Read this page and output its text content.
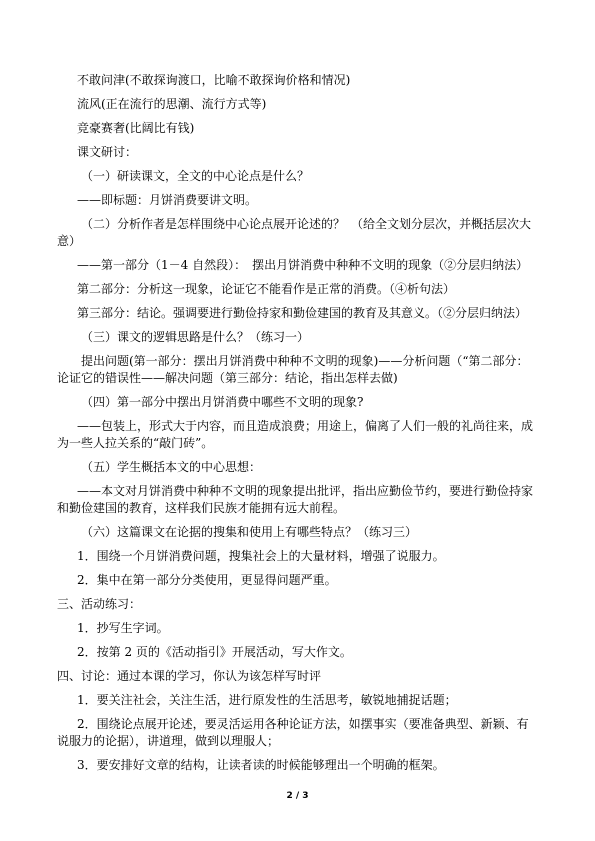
不敢问津(不敢探询渡口，比喻不敢探询价格和情况)

流风(正在流行的思潮、流行方式等)

竞豪赛奢(比阔比有钱)

课文研讨：

（一）研读课文，全文的中心论点是什么？

——即标题：月饼消费要讲文明。

（二）分析作者是怎样围绕中心论点展开论述的？　（给全文划分层次，并概括层次大意）

——第一部分（1－4 自然段）：　摆出月饼消费中种种不文明的现象（②分层归纳法）

第二部分：分析这一现象，论证它不能看作是正常的消费。（④析句法）

第三部分：结论。强调要进行勤俭持家和勤俭建国的教育及其意义。（②分层归纳法）

（三）课文的逻辑思路是什么？（练习一）

提出问题(第一部分：摆出月饼消费中种种不文明的现象)——分析问题（“第二部分：论证它的错误性——解决问题（第三部分：结论，指出怎样去做)

（四）第一部分中摆出月饼消费中哪些不文明的现象?

——包装上，形式大于内容，而且造成浪费；用途上，偏离了人们一般的礼尚往来，成为一些人拉关系的“敲门砖”。

（五）学生概括本文的中心思想：

——本文对月饼消费中种种不文明的现象提出批评，指出应勤俭节约，要进行勤俭持家和勤俭建国的教育，这样我们民族才能拥有远大前程。

（六）这篇课文在论据的搜集和使用上有哪些特点？（练习三）

1．围绕一个月饼消费问题，搜集社会上的大量材料，增强了说服力。

2．集中在第一部分分类使用，更显得问题严重。

三、活动练习：

1．抄写生字词。

2．按第 2 页的《活动指引》开展活动，写大作文。

四、讨论：通过本课的学习，你认为该怎样写时评

1．要关注社会，关注生活，进行原发性的生活思考，敏锐地捕捉话题；

2．围绕论点展开论述，要灵活运用各种论证方法，如摆事实（要准备典型、新颖、有说服力的论据），讲道理，做到以理服人；

3．要安排好文章的结构，让读者读的时候能够理出一个明确的框架。

2 / 3
